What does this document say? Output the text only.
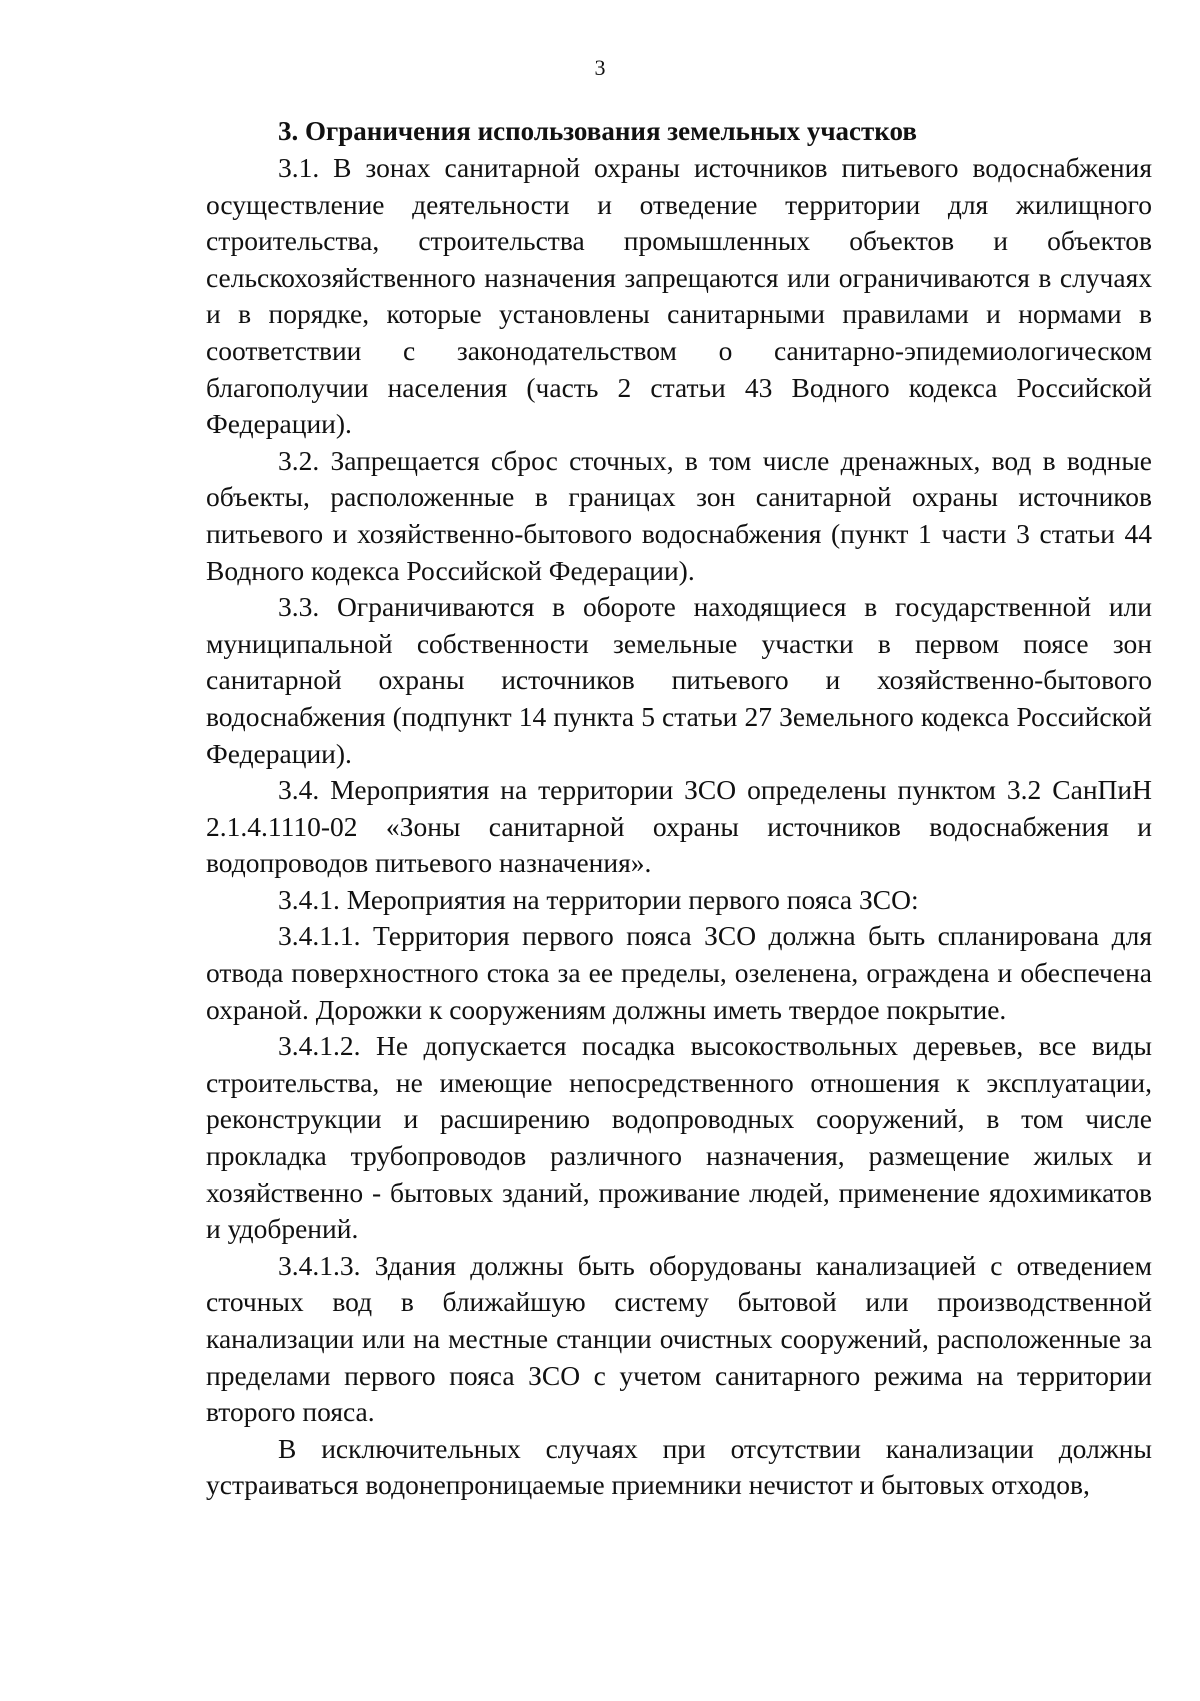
3

3. Ограничения использования земельных участков

3.1. В зонах санитарной охраны источников питьевого водоснабжения осуществление деятельности и отведение территории для жилищного строительства, строительства промышленных объектов и объектов сельскохозяйственного назначения запрещаются или ограничиваются в случаях и в порядке, которые установлены санитарными правилами и нормами в соответствии с законодательством о санитарно-эпидемиологическом благополучии населения (часть 2 статьи 43 Водного кодекса Российской Федерации).

3.2. Запрещается сброс сточных, в том числе дренажных, вод в водные объекты, расположенные в границах зон санитарной охраны источников питьевого и хозяйственно-бытового водоснабжения (пункт 1 части 3 статьи 44 Водного кодекса Российской Федерации).

3.3. Ограничиваются в обороте находящиеся в государственной или муниципальной собственности земельные участки в первом поясе зон санитарной охраны источников питьевого и хозяйственно-бытового водоснабжения (подпункт 14 пункта 5 статьи 27 Земельного кодекса Российской Федерации).

3.4. Мероприятия на территории ЗСО определены пунктом 3.2 СанПиН 2.1.4.1110-02 «Зоны санитарной охраны источников водоснабжения и водопроводов питьевого назначения».

3.4.1. Мероприятия на территории первого пояса ЗСО:

3.4.1.1. Территория первого пояса ЗСО должна быть спланирована для отвода поверхностного стока за ее пределы, озеленена, ограждена и обеспечена охраной. Дорожки к сооружениям должны иметь твердое покрытие.

3.4.1.2. Не допускается посадка высокоствольных деревьев, все виды строительства, не имеющие непосредственного отношения к эксплуатации, реконструкции и расширению водопроводных сооружений, в том числе прокладка трубопроводов различного назначения, размещение жилых и хозяйственно - бытовых зданий, проживание людей, применение ядохимикатов и удобрений.

3.4.1.3. Здания должны быть оборудованы канализацией с отведением сточных вод в ближайшую систему бытовой или производственной канализации или на местные станции очистных сооружений, расположенные за пределами первого пояса ЗСО с учетом санитарного режима на территории второго пояса.

В исключительных случаях при отсутствии канализации должны устраиваться водонепроницаемые приемники нечистот и бытовых отходов,
